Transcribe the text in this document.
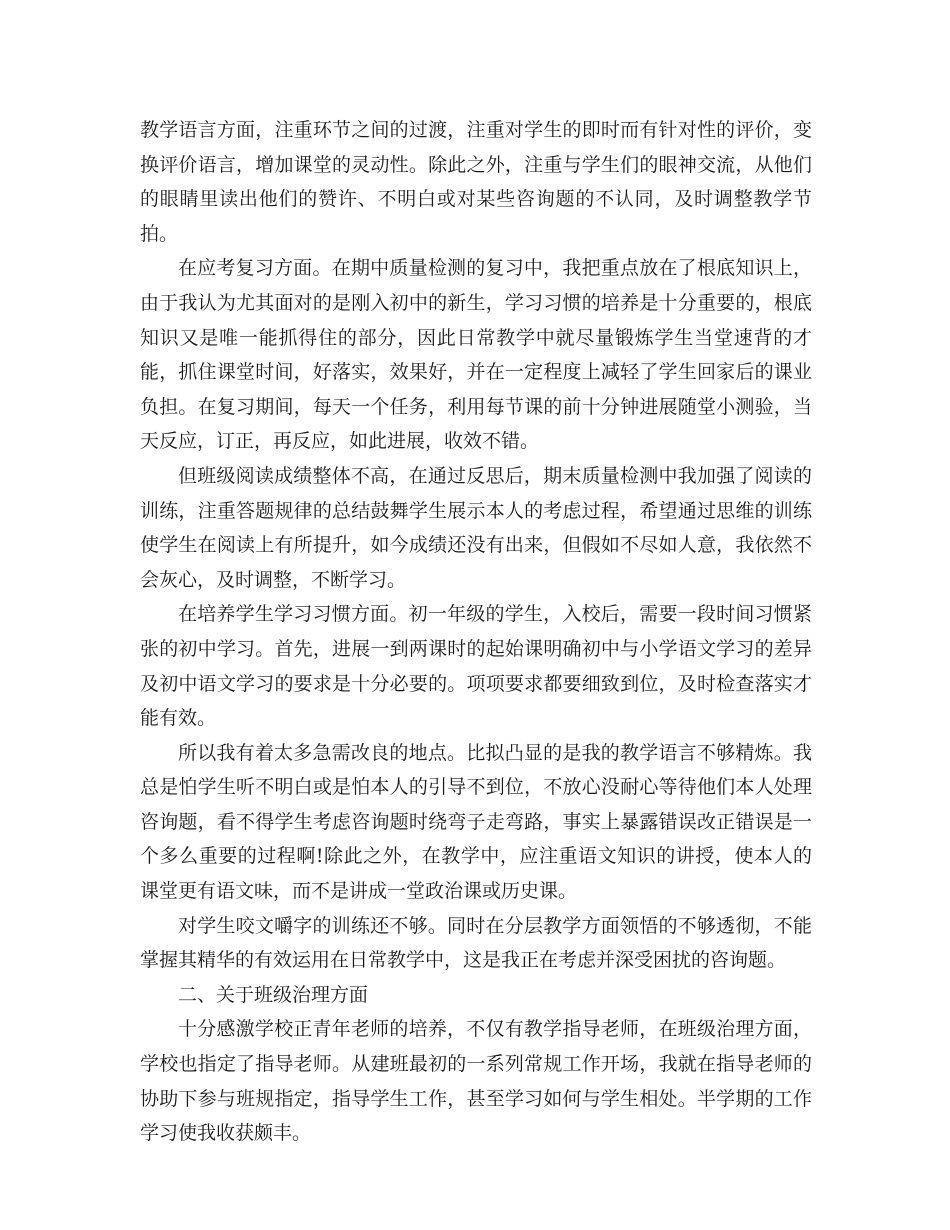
教学语言方面，注重环节之间的过渡，注重对学生的即时而有针对性的评价，变换评价语言，增加课堂的灵动性。除此之外，注重与学生们的眼神交流，从他们的眼睛里读出他们的赞许、不明白或对某些咨询题的不认同，及时调整教学节拍。

在应考复习方面。在期中质量检测的复习中，我把重点放在了根底知识上，由于我认为尤其面对的是刚入初中的新生，学习习惯的培养是十分重要的，根底知识又是唯一能抓得住的部分，因此日常教学中就尽量锻炼学生当堂速背的才能，抓住课堂时间，好落实，效果好，并在一定程度上减轻了学生回家后的课业负担。在复习期间，每天一个任务，利用每节课的前十分钟进展随堂小测验，当天反应，订正，再反应，如此进展，收效不错。

但班级阅读成绩整体不高，在通过反思后，期末质量检测中我加强了阅读的训练，注重答题规律的总结鼓舞学生展示本人的考虑过程，希望通过思维的训练使学生在阅读上有所提升，如今成绩还没有出来，但假如不尽如人意，我依然不会灰心，及时调整，不断学习。

在培养学生学习习惯方面。初一年级的学生，入校后，需要一段时间习惯紧张的初中学习。首先，进展一到两课时的起始课明确初中与小学语文学习的差异及初中语文学习的要求是十分必要的。项项要求都要细致到位，及时检查落实才能有效。

所以我有着太多急需改良的地点。比拟凸显的是我的教学语言不够精炼。我总是怕学生听不明白或是怕本人的引导不到位，不放心没耐心等待他们本人处理咨询题，看不得学生考虑咨询题时绕弯子走弯路，事实上暴露错误改正错误是一个多么重要的过程啊!除此之外，在教学中，应注重语文知识的讲授，使本人的课堂更有语文味，而不是讲成一堂政治课或历史课。

对学生咬文嚼字的训练还不够。同时在分层教学方面领悟的不够透彻，不能掌握其精华的有效运用在日常教学中，这是我正在考虑并深受困扰的咨询题。

二、关于班级治理方面

十分感激学校正青年老师的培养，不仅有教学指导老师，在班级治理方面，学校也指定了指导老师。从建班最初的一系列常规工作开场，我就在指导老师的协助下参与班规指定，指导学生工作，甚至学习如何与学生相处。半学期的工作学习使我收获颇丰。
